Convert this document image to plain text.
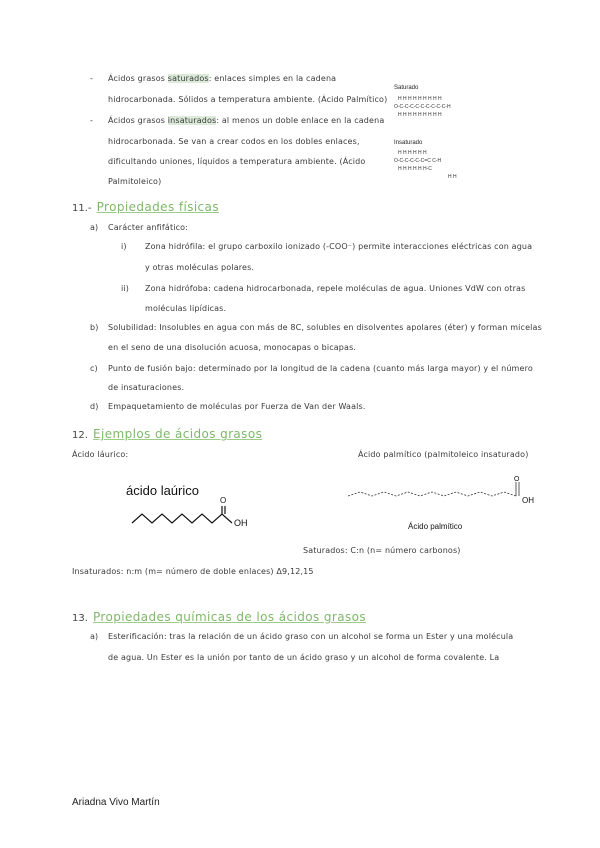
- Ácidos grasos saturados: enlaces simples en la cadena
hidrocarbonada. Sólidos a temperatura ambiente. (Ácido Palmítico)
- Ácidos grasos insaturados: al menos un doble enlace en la cadena
hidrocarbonada. Se van a crear codos en los dobles enlaces,
dificultando uniones, líquidos a temperatura ambiente. (Ácido
Palmitoleico)
Saturado
H H H H H H H H H
O-C-C-C-C-C-C-C-C-C-H
H H H H H H H H H
Insaturado
H H H H H H
O-C-C-C-C-C=C C-H
H H H H H H-C
H H
11.- Propiedades físicas
a) Carácter anfifático:
i) Zona hidrófila: el grupo carboxilo ionizado (-COO⁻) permite interacciones eléctricas con agua
y otras moléculas polares.
ii) Zona hidrófoba: cadena hidrocarbonada, repele moléculas de agua. Uniones VdW con otras
moléculas lipídicas.
b) Solubilidad: Insolubles en agua con más de 8C, solubles en disolventes apolares (éter) y forman micelas
en el seno de una disolución acuosa, monocapas o bicapas.
c) Punto de fusión bajo: determinado por la longitud de la cadena (cuanto más larga mayor) y el número
de insaturaciones.
d) Empaquetamiento de moléculas por Fuerza de Van der Waals.
12. Ejemplos de ácidos grasos
Ácido láurico:	Ácido palmítico (palmitoleico insaturado)
ácido laúrico
O
OH
O
OH
Ácido palmítico
Saturados: C:n (n= número carbonos)
Insaturados: n:m (m= número de doble enlaces) Δ9,12,15
13. Propiedades químicas de los ácidos grasos
a) Esterificación: tras la relación de un ácido graso con un alcohol se forma un Ester y una molécula
de agua. Un Ester es la unión por tanto de un ácido graso y un alcohol de forma covalente. La
Ariadna Vivo Martín
